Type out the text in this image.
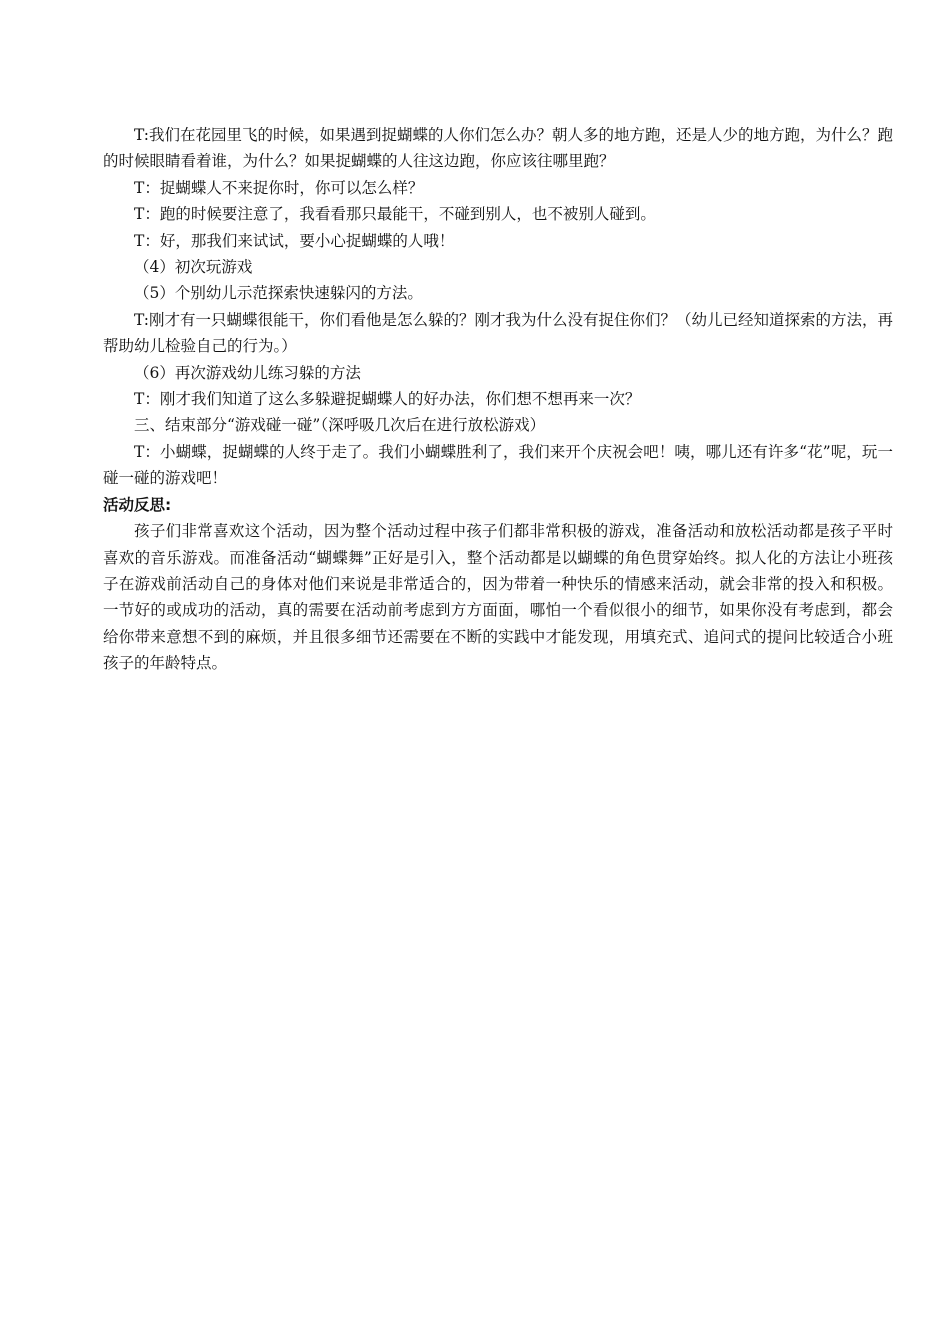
T:我们在花园里飞的时候，如果遇到捉蝴蝶的人你们怎么办？朝人多的地方跑，还是人少的地方跑，为什么？跑的时候眼睛看着谁，为什么？如果捉蝴蝶的人往这边跑，你应该往哪里跑？

T：捉蝴蝶人不来捉你时，你可以怎么样？

T：跑的时候要注意了，我看看那只最能干，不碰到别人，也不被别人碰到。

T：好，那我们来试试，要小心捉蝴蝶的人哦！

（4）初次玩游戏

（5）个别幼儿示范探索快速躲闪的方法。

T:刚才有一只蝴蝶很能干，你们看他是怎么躲的？刚才我为什么没有捉住你们？（幼儿已经知道探索的方法，再帮助幼儿检验自己的行为。）

（6）再次游戏幼儿练习躲的方法

T：刚才我们知道了这么多躲避捉蝴蝶人的好办法，你们想不想再来一次？

三、结束部分“游戏碰一碰”（深呼吸几次后在进行放松游戏）

T：小蝴蝶，捉蝴蝶的人终于走了。我们小蝴蝶胜利了，我们来开个庆祝会吧！咦，哪儿还有许多“花”呢，玩一碰一碰的游戏吧！

活动反思:

孩子们非常喜欢这个活动，因为整个活动过程中孩子们都非常积极的游戏，准备活动和放松活动都是孩子平时喜欢的音乐游戏。而准备活动“蝴蝶舞”正好是引入，整个活动都是以蝴蝶的角色贯穿始终。拟人化的方法让小班孩子在游戏前活动自己的身体对他们来说是非常适合的，因为带着一种快乐的情感来活动，就会非常的投入和积极。一节好的或成功的活动，真的需要在活动前考虑到方方面面，哪怕一个看似很小的细节，如果你没有考虑到，都会给你带来意想不到的麻烦，并且很多细节还需要在不断的实践中才能发现，用填充式、追问式的提问比较适合小班孩子的年龄特点。
